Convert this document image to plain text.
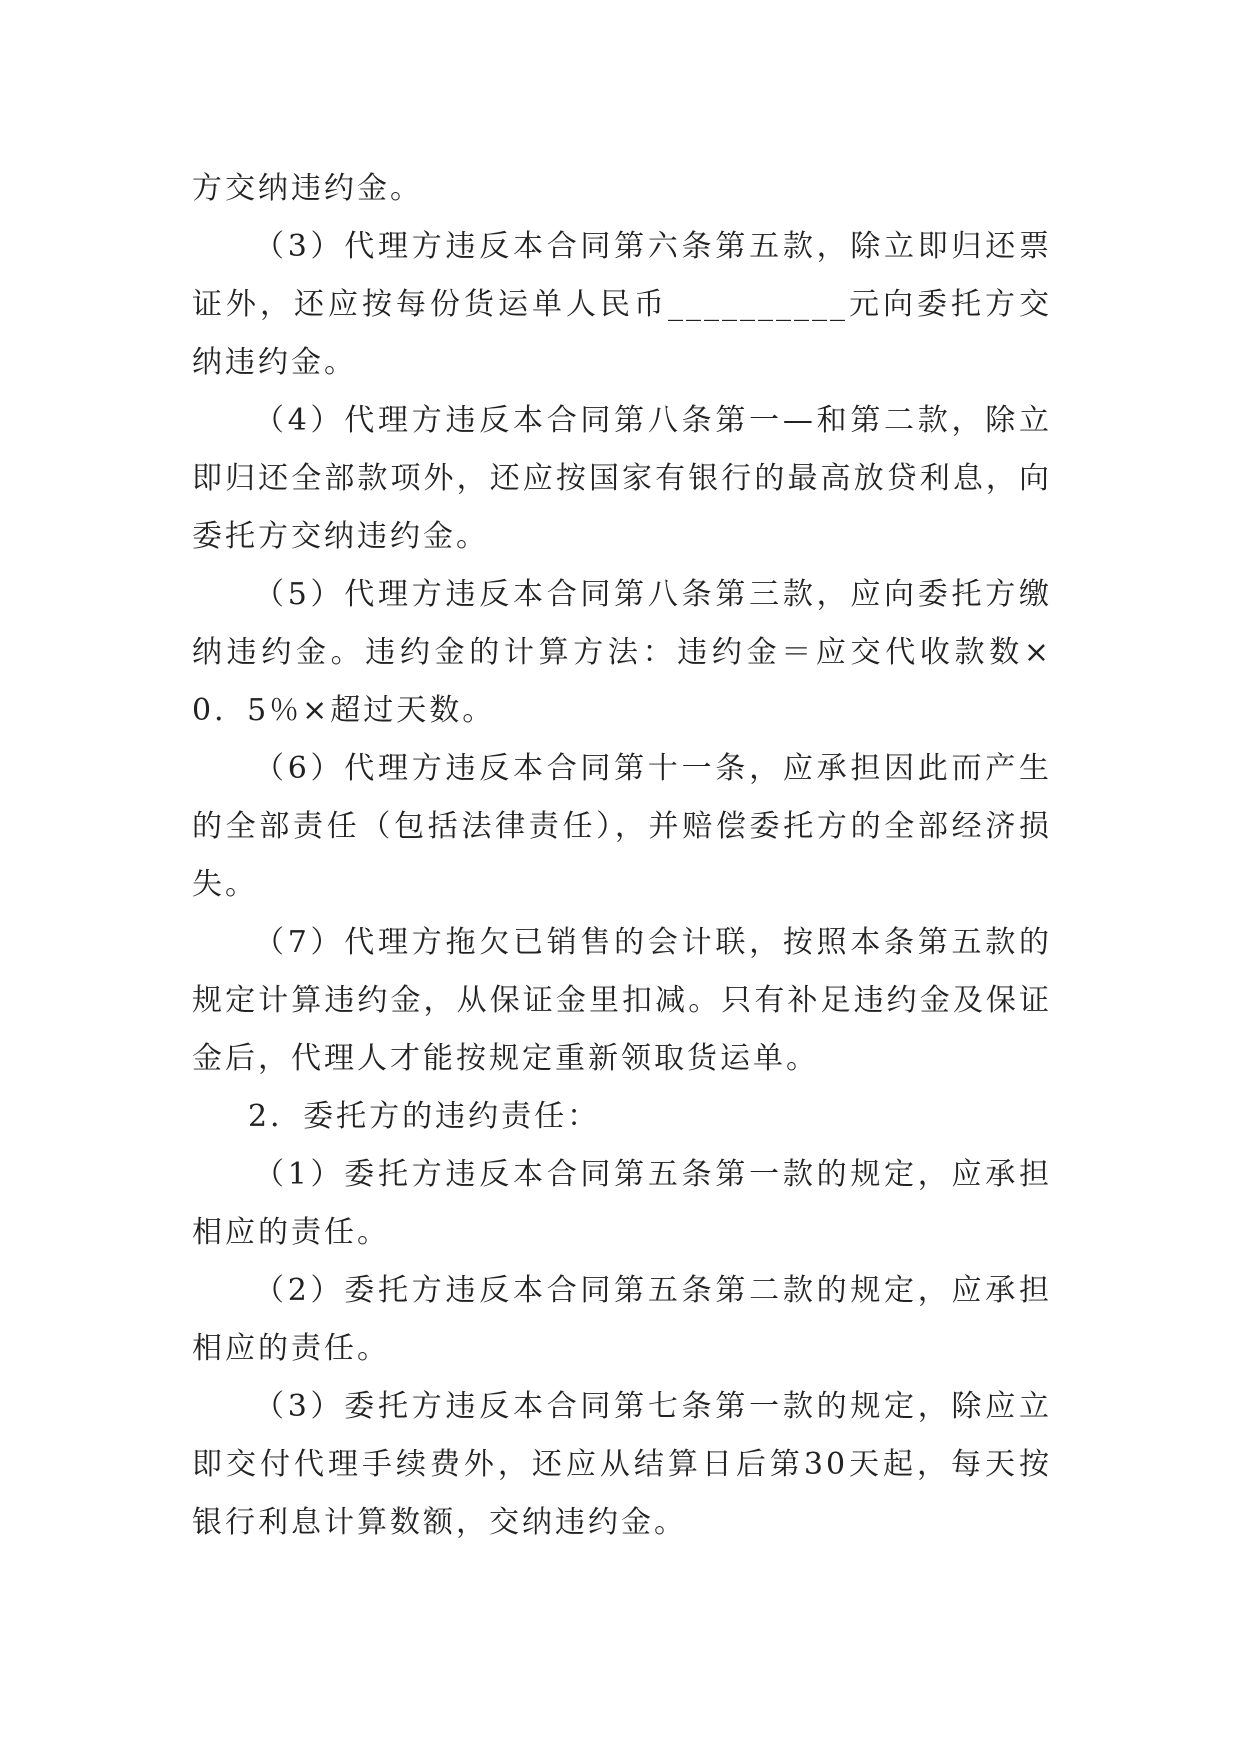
方交纳违约金。

（3）代理方违反本合同第六条第五款，除立即归还票证外，还应按每份货运单人民币__________元向委托方交纳违约金。

（4）代理方违反本合同第八条第一—和第二款，除立即归还全部款项外，还应按国家有银行的最高放贷利息，向委托方交纳违约金。

（5）代理方违反本合同第八条第三款，应向委托方缴纳违约金。违约金的计算方法：违约金＝应交代收款数×0．5％×超过天数。

（6）代理方违反本合同第十一条，应承担因此而产生的全部责任（包括法律责任），并赔偿委托方的全部经济损失。

（7）代理方拖欠已销售的会计联，按照本条第五款的规定计算违约金，从保证金里扣减。只有补足违约金及保证金后，代理人才能按规定重新领取货运单。

2．委托方的违约责任：

（1）委托方违反本合同第五条第一款的规定，应承担相应的责任。

（2）委托方违反本合同第五条第二款的规定，应承担相应的责任。

（3）委托方违反本合同第七条第一款的规定，除应立即交付代理手续费外，还应从结算日后第30天起，每天按银行利息计算数额，交纳违约金。
